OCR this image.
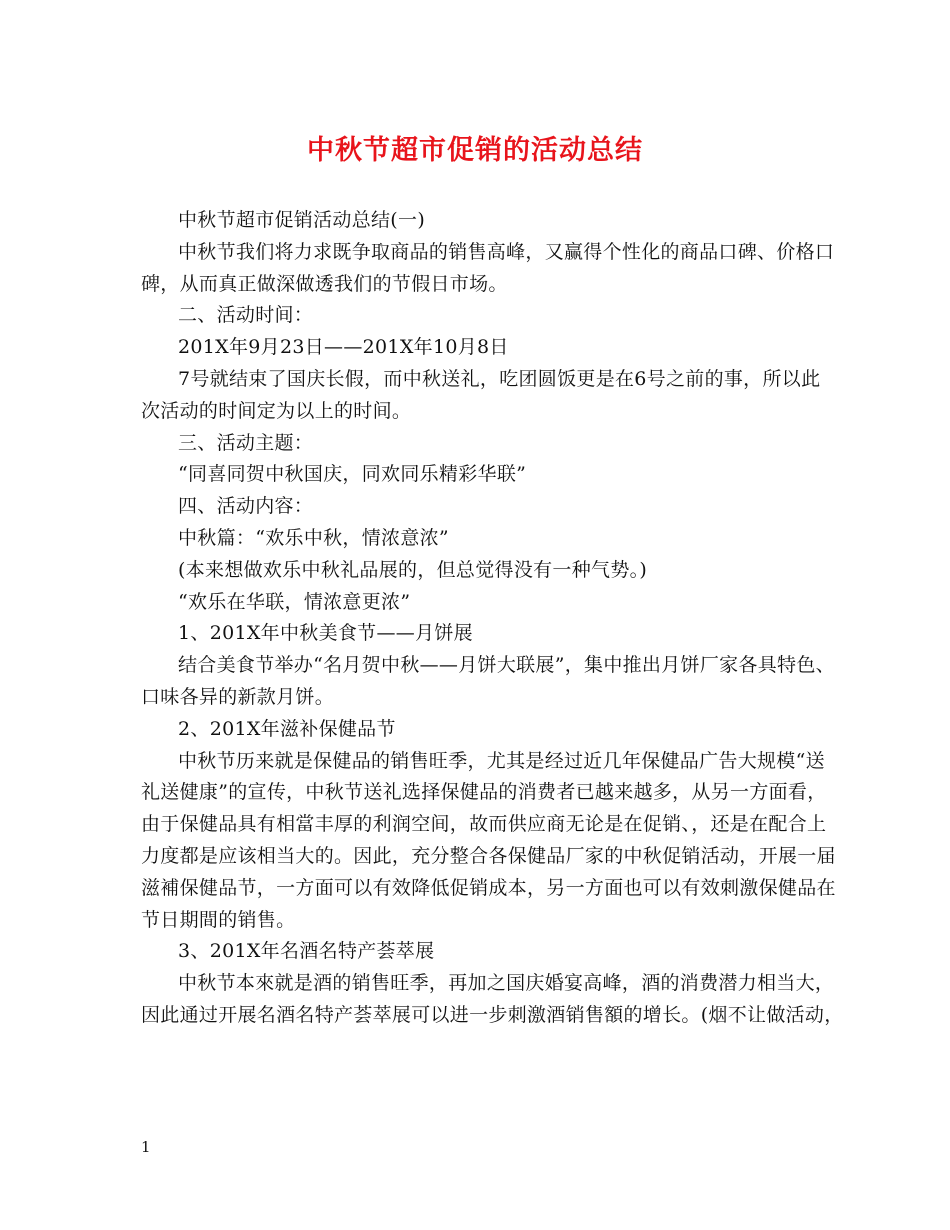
中秋节超市促销的活动总结
中秋节超市促销活动总结(一)
中秋节我们将力求既争取商品的销售高峰，又赢得个性化的商品口碑、价格口
碑，从而真正做深做透我们的节假日市场。
二、活动时间：
201X年9月23日——201X年10月8日
7号就结束了国庆长假，而中秋送礼，吃团圆饭更是在6号之前的事，所以此
次活动的时间定为以上的时间。
三、活动主题：
“同喜同贺中秋国庆，同欢同乐精彩华联”
四、活动内容：
中秋篇：“欢乐中秋，情浓意浓”
(本来想做欢乐中秋礼品展的，但总觉得没有一种气势。)
“欢乐在华联，情浓意更浓”
1、201X年中秋美食节——月饼展
结合美食节举办“名月贺中秋——月饼大联展”，集中推出月饼厂家各具特色、
口味各异的新款月饼。
2、201X年滋补保健品节
中秋节历来就是保健品的销售旺季，尤其是经过近几年保健品广告大规模“送
礼送健康”的宣传，中秋节送礼选择保健品的消费者已越来越多，从另一方面看，
由于保健品具有相當丰厚的利润空间，故而供应商无论是在促销、，还是在配合上
力度都是应该相当大的。因此，充分整合各保健品厂家的中秋促销活动，开展一届
滋補保健品节，一方面可以有效降低促销成本，另一方面也可以有效刺激保健品在
节日期間的销售。
3、201X年名酒名特产荟萃展
中秋节本來就是酒的销售旺季，再加之国庆婚宴高峰，酒的消费潜力相当大，
因此通过开展名酒名特产荟萃展可以进一步刺激酒销售額的增长。(烟不让做活动，
1
